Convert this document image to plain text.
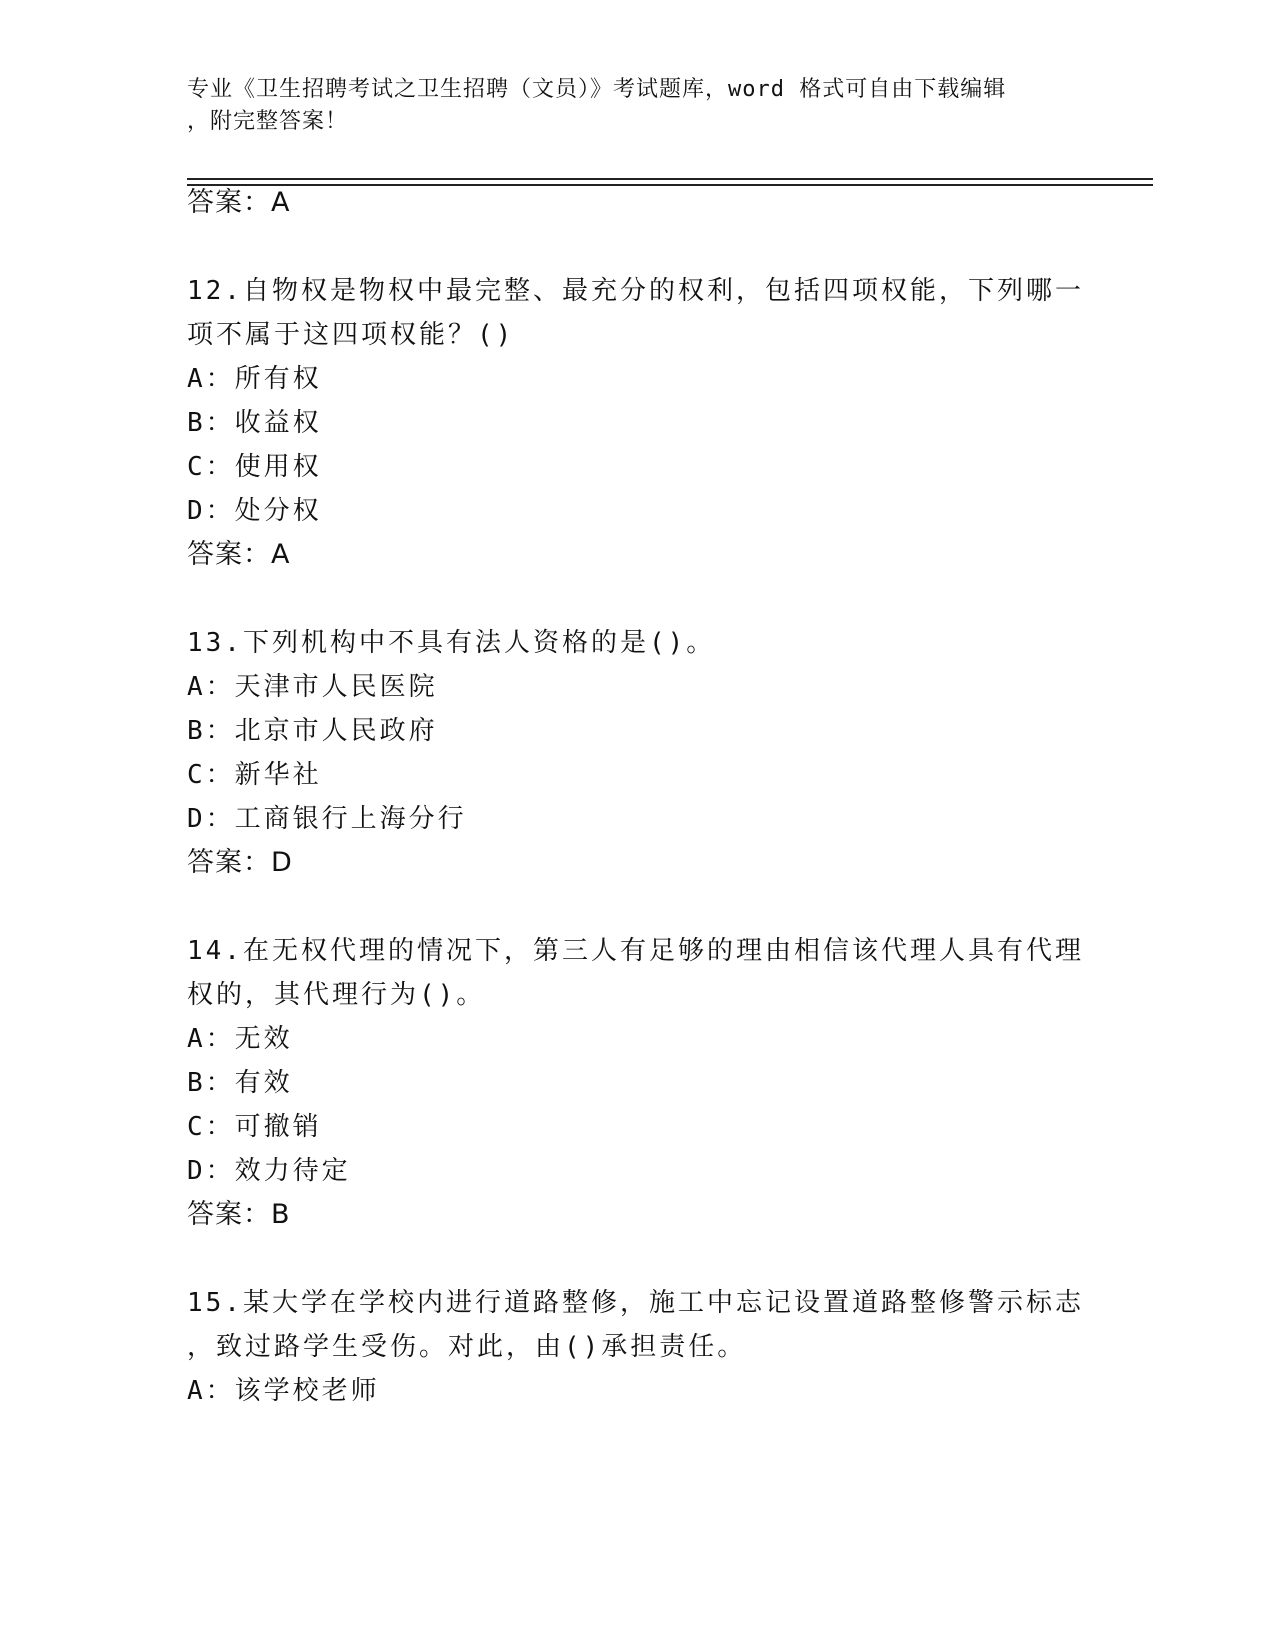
专业《卫生招聘考试之卫生招聘（文员）》考试题库，word 格式可自由下载编辑
，附完整答案！
答案：A
12.自物权是物权中最完整、最充分的权利，包括四项权能，下列哪一
项不属于这四项权能？()
A：所有权
B：收益权
C：使用权
D：处分权
答案：A
13.下列机构中不具有法人资格的是()。
A：天津市人民医院
B：北京市人民政府
C：新华社
D：工商银行上海分行
答案：D
14.在无权代理的情况下，第三人有足够的理由相信该代理人具有代理
权的，其代理行为()。
A：无效
B：有效
C：可撤销
D：效力待定
答案：B
15.某大学在学校内进行道路整修，施工中忘记设置道路整修警示标志
，致过路学生受伤。对此，由()承担责任。
A：该学校老师
